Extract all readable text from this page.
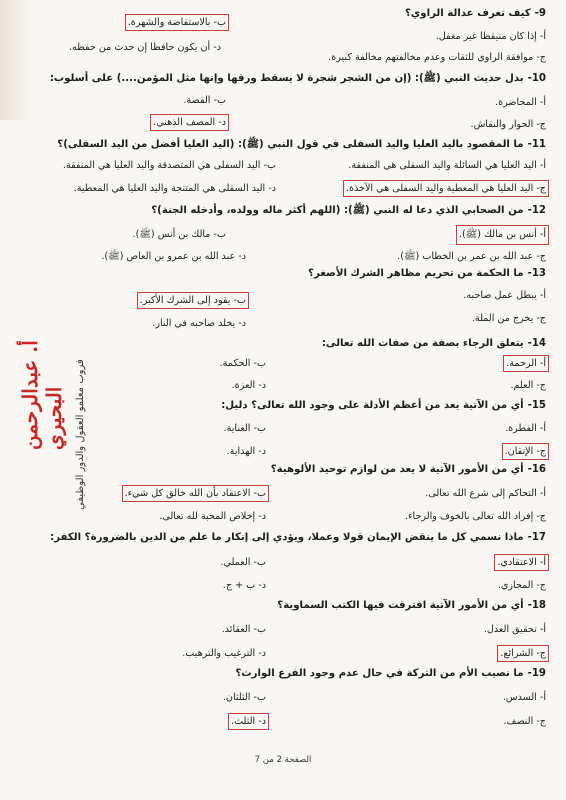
9-كيف تعرف عدالة الراوي؟
أ- إذا كان متيقظا غير مغفل.
ب- بالاستفاضة والشهرة.
ج- موافقة الراوي للثقات وعدم مخالفتهم مخالفة كبيرة.
د- أن يكون حافظا إن حدث من حفظه.
10-بدل حديث النبي (ﷺ): (إن من الشجر شجرة لا يسقط ورقها وإنها مثل المؤمن....) على أسلوب:
أ- المحاضرة.
ب- القصة.
ج- الحوار والنقاش.
د- المصف الذهني.
11-ما المقصود باليد العليا واليد السفلى في قول النبي (ﷺ): (اليد العليا أفضل من اليد السفلى)؟
أ- اليد العليا هي السائلة واليد السفلى هي المنفقة.
ب- اليد السفلى هي المتصدقة واليد العليا هي المنفقة.
ج- اليد العليا هي المعطية واليد السفلى هي الآخذة.
د- اليد السفلى هي المتنجة واليد العليا هي المعطية.
12-من الصحابي الذي دعا له النبي (ﷺ): (اللهم أكثر ماله وولده، وأدخله الجنة)؟
أ- أنس بن مالك (ﷺ).
ب- مالك بن أنس (ﷺ).
ج- عبد الله بن عمر بن الخطاب (ﷺ).
د- عبد الله بن عمرو بن العاص (ﷺ).
13-ما الحكمة من تحريم مظاهر الشرك الأصغر؟
أ- يبطل عمل صاحبه.
ب- يقود إلى الشرك الأكبر.
ج- يخرج من الملة.
د- يخلد صاحبه في النار.
14-يتعلق الرجاء بصفة من صفات الله تعالى:
أ- الرحمة.
ب- الحكمة.
ج- العلم.
د- العزة.
15-أي من الآتية يعد من أعظم الأدلة على وجود الله تعالى؟ دليل:
أ- الفطرة.
ب- العناية.
ج- الإتقان.
د- الهداية.
16-أي من الأمور الآتية لا يعد من لوازم توحيد الألوهية؟
أ- التحاكم إلى شرع الله تعالى.
ب- الاعتقاد بأن الله خالق كل شيء.
ج- إفراد الله تعالى بالخوف والرجاء.
د- إخلاص المحبة لله تعالى.
17-ماذا نسمي كل ما ينقض الإيمان قولا وعملا، ويؤدي إلى إنكار ما علم من الدين بالضرورة؟ الكفر:
أ- الاعتقادي.
ب- العملي.
ج- المجازي.
د- ب + ج.
18-أي من الأمور الآتية افترقت فيها الكتب السماوية؟
أ- تحقيق العدل.
ب- العقائد.
ج- الشرائع.
د- الترغيب والترهيب.
19-ما نصيب الأم من التركة في حال عدم وجود الفرع الوارث؟
أ- السدس.
ب- الثلثان.
ج- النصف.
د- الثلث.
أ. عبدالرحمن البحيري فروب معلمو العقول والدور الوظيفي
الصفحة 2 من 7
